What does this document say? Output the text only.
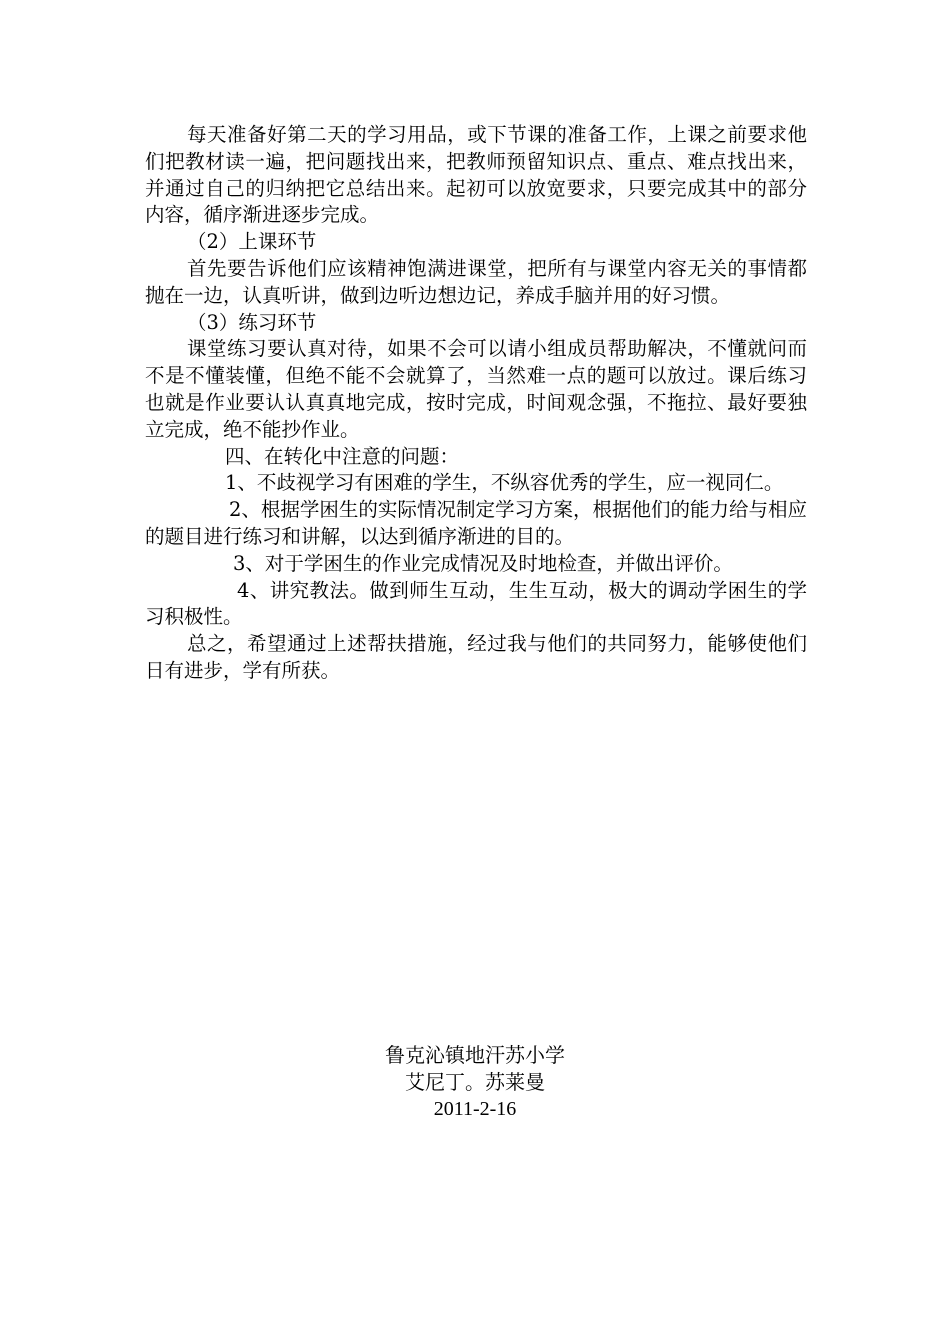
每天准备好第二天的学习用品，或下节课的准备工作，上课之前要求他们把教材读一遍，把问题找出来，把教师预留知识点、重点、难点找出来，并通过自己的归纳把它总结出来。起初可以放宽要求，只要完成其中的部分内容，循序渐进逐步完成。

（2）上课环节

首先要告诉他们应该精神饱满进课堂，把所有与课堂内容无关的事情都抛在一边，认真听讲，做到边听边想边记，养成手脑并用的好习惯。

（3）练习环节

课堂练习要认真对待，如果不会可以请小组成员帮助解决，不懂就问而不是不懂装懂，但绝不能不会就算了，当然难一点的题可以放过。课后练习也就是作业要认认真真地完成，按时完成，时间观念强，不拖拉、最好要独立完成，绝不能抄作业。

四、在转化中注意的问题：

1、不歧视学习有困难的学生，不纵容优秀的学生，应一视同仁。

2、根据学困生的实际情况制定学习方案，根据他们的能力给与相应的题目进行练习和讲解，以达到循序渐进的目的。

3、对于学困生的作业完成情况及时地检查，并做出评价。

4、讲究教法。做到师生互动，生生互动，极大的调动学困生的学习积极性。

总之，希望通过上述帮扶措施，经过我与他们的共同努力，能够使他们日有进步，学有所获。

鲁克沁镇地汗苏小学

艾尼丁。苏莱曼

2011-2-16
